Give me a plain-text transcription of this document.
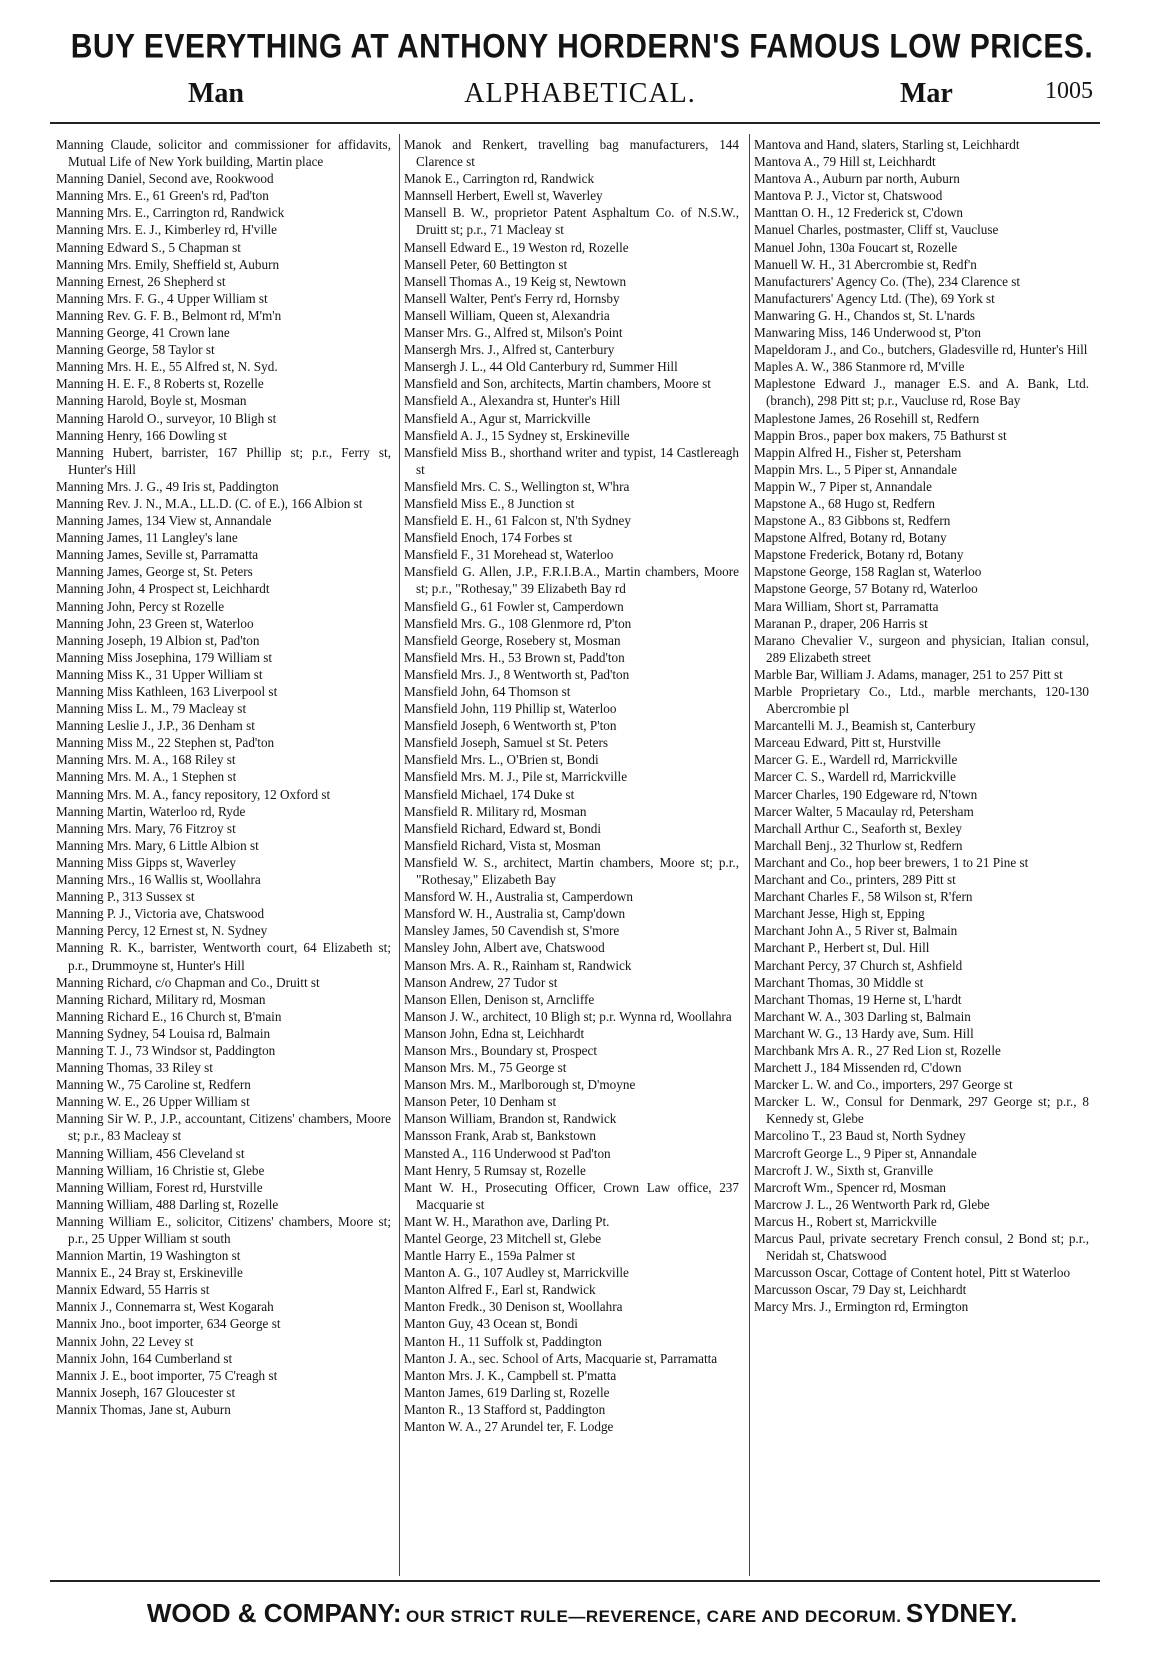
BUY EVERYTHING AT ANTHONY HORDERN'S FAMOUS LOW PRICES.
Man	ALPHABETICAL.	Mar	1005

Manning Claude, solicitor and commissioner for affidavits, Mutual Life of New York building, Martin place

Manning Daniel, Second ave, Rookwood

Manning Mrs. E., 61 Green's rd, Pad'ton

Manning Mrs. E., Carrington rd, Randwick

Manning Mrs. E. J., Kimberley rd, H'ville

Manning Edward S., 5 Chapman st

Manning Mrs. Emily, Sheffield st, Auburn

Manning Ernest, 26 Shepherd st

Manning Mrs. F. G., 4 Upper William st

Manning Rev. G. F. B., Belmont rd, M'm'n

Manning George, 41 Crown lane

Manning George, 58 Taylor st

Manning Mrs. H. E., 55 Alfred st, N. Syd.

Manning H. E. F., 8 Roberts st, Rozelle

Manning Harold, Boyle st, Mosman

Manning Harold O., surveyor, 10 Bligh st

Manning Henry, 166 Dowling st

Manning Hubert, barrister, 167 Phillip st; p.r., Ferry st, Hunter's Hill

Manning Mrs. J. G., 49 Iris st, Paddington

Manning Rev. J. N., M.A., LL.D. (C. of E.), 166 Albion st

Manning James, 134 View st, Annandale

Manning James, 11 Langley's lane

Manning James, Seville st, Parramatta

Manning James, George st, St. Peters

Manning John, 4 Prospect st, Leichhardt

Manning John, Percy st Rozelle

Manning John, 23 Green st, Waterloo

Manning Joseph, 19 Albion st, Pad'ton

Manning Miss Josephina, 179 William st

Manning Miss K., 31 Upper William st

Manning Miss Kathleen, 163 Liverpool st

Manning Miss L. M., 79 Macleay st

Manning Leslie J., J.P., 36 Denham st

Manning Miss M., 22 Stephen st, Pad'ton

Manning Mrs. M. A., 168 Riley st

Manning Mrs. M. A., 1 Stephen st

Manning Mrs. M. A., fancy repository, 12 Oxford st

Manning Martin, Waterloo rd, Ryde

Manning Mrs. Mary, 76 Fitzroy st

Manning Mrs. Mary, 6 Little Albion st

Manning Miss Gipps st, Waverley

Manning Mrs., 16 Wallis st, Woollahra

Manning P., 313 Sussex st

Manning P. J., Victoria ave, Chatswood

Manning Percy, 12 Ernest st, N. Sydney

Manning R. K., barrister, Wentworth court, 64 Elizabeth st; p.r., Drummoyne st, Hunter's Hill

Manning Richard, c/o Chapman and Co., Druitt st

Manning Richard, Military rd, Mosman

Manning Richard E., 16 Church st, B'main

Manning Sydney, 54 Louisa rd, Balmain

Manning T. J., 73 Windsor st, Paddington

Manning Thomas, 33 Riley st

Manning W., 75 Caroline st, Redfern

Manning W. E., 26 Upper William st

Manning Sir W. P., J.P., accountant, Citizens' chambers, Moore st; p.r., 83 Macleay st

Manning William, 456 Cleveland st

Manning William, 16 Christie st, Glebe

Manning William, Forest rd, Hurstville

Manning William, 488 Darling st, Rozelle

Manning William E., solicitor, Citizens' chambers, Moore st; p.r., 25 Upper William st south

Mannion Martin, 19 Washington st

Mannix E., 24 Bray st, Erskineville

Mannix Edward, 55 Harris st

Mannix J., Connemarra st, West Kogarah

Mannix Jno., boot importer, 634 George st

Mannix John, 22 Levey st

Mannix John, 164 Cumberland st

Mannix J. E., boot importer, 75 C'reagh st

Mannix Joseph, 167 Gloucester st

Mannix Thomas, Jane st, Auburn

Manok and Renkert, travelling bag manufacturers, 144 Clarence st

Manok E., Carrington rd, Randwick

Mannsell Herbert, Ewell st, Waverley

Mansell B. W., proprietor Patent Asphaltum Co. of N.S.W., Druitt st; p.r., 71 Macleay st

Mansell Edward E., 19 Weston rd, Rozelle

Mansell Peter, 60 Bettington st

Mansell Thomas A., 19 Keig st, Newtown

Mansell Walter, Pent's Ferry rd, Hornsby

Mansell William, Queen st, Alexandria

Manser Mrs. G., Alfred st, Milson's Point

Mansergh Mrs. J., Alfred st, Canterbury

Mansergh J. L., 44 Old Canterbury rd, Summer Hill

Mansfield and Son, architects, Martin chambers, Moore st

Mansfield A., Alexandra st, Hunter's Hill

Mansfield A., Agur st, Marrickville

Mansfield A. J., 15 Sydney st, Erskineville

Mansfield Miss B., shorthand writer and typist, 14 Castlereagh st

Mansfield Mrs. C. S., Wellington st, W'hra

Mansfield Miss E., 8 Junction st

Mansfield E. H., 61 Falcon st, N'th Sydney

Mansfield Enoch, 174 Forbes st

Mansfield F., 31 Morehead st, Waterloo

Mansfield G. Allen, J.P., F.R.I.B.A., Martin chambers, Moore st; p.r., "Rothesay," 39 Elizabeth Bay rd

Mansfield G., 61 Fowler st, Camperdown

Mansfield Mrs. G., 108 Glenmore rd, P'ton

Mansfield George, Rosebery st, Mosman

Mansfield Mrs. H., 53 Brown st, Padd'ton

Mansfield Mrs. J., 8 Wentworth st, Pad'ton

Mansfield John, 64 Thomson st

Mansfield John, 119 Phillip st, Waterloo

Mansfield Joseph, 6 Wentworth st, P'ton

Mansfield Joseph, Samuel st St. Peters

Mansfield Mrs. L., O'Brien st, Bondi

Mansfield Mrs. M. J., Pile st, Marrickville

Mansfield Michael, 174 Duke st

Mansfield R. Military rd, Mosman

Mansfield Richard, Edward st, Bondi

Mansfield Richard, Vista st, Mosman

Mansfield W. S., architect, Martin chambers, Moore st; p.r., "Rothesay," Elizabeth Bay

Mansford W. H., Australia st, Camperdown

Mansford W. H., Australia st, Camp'down

Mansley James, 50 Cavendish st, S'more

Mansley John, Albert ave, Chatswood

Manson Mrs. A. R., Rainham st, Randwick

Manson Andrew, 27 Tudor st

Manson Ellen, Denison st, Arncliffe

Manson J. W., architect, 10 Bligh st; p.r. Wynna rd, Woollahra

Manson John, Edna st, Leichhardt

Manson Mrs., Boundary st, Prospect

Manson Mrs. M., 75 George st

Manson Mrs. M., Marlborough st, D'moyne

Manson Peter, 10 Denham st

Manson William, Brandon st, Randwick

Mansson Frank, Arab st, Bankstown

Mansted A., 116 Underwood st Pad'ton

Mant Henry, 5 Rumsay st, Rozelle

Mant W. H., Prosecuting Officer, Crown Law office, 237 Macquarie st

Mant W. H., Marathon ave, Darling Pt.

Mantel George, 23 Mitchell st, Glebe

Mantle Harry E., 159a Palmer st

Manton A. G., 107 Audley st, Marrickville

Manton Alfred F., Earl st, Randwick

Manton Fredk., 30 Denison st, Woollahra

Manton Guy, 43 Ocean st, Bondi

Manton H., 11 Suffolk st, Paddington

Manton J. A., sec. School of Arts, Macquarie st, Parramatta

Manton Mrs. J. K., Campbell st. P'matta

Manton James, 619 Darling st, Rozelle

Manton R., 13 Stafford st, Paddington

Manton W. A., 27 Arundel ter, F. Lodge

Mantova and Hand, slaters, Starling st, Leichhardt

Mantova A., 79 Hill st, Leichhardt

Mantova A., Auburn par north, Auburn

Mantova P. J., Victor st, Chatswood

Manttan O. H., 12 Frederick st, C'down

Manuel Charles, postmaster, Cliff st, Vaucluse

Manuel John, 130a Foucart st, Rozelle

Manuell W. H., 31 Abercrombie st, Redf'n

Manufacturers' Agency Co. (The), 234 Clarence st

Manufacturers' Agency Ltd. (The), 69 York st

Manwaring G. H., Chandos st, St. L'nards

Manwaring Miss, 146 Underwood st, P'ton

Mapeldoram J., and Co., butchers, Gladesville rd, Hunter's Hill

Maples A. W., 386 Stanmore rd, M'ville

Maplestone Edward J., manager E.S. and A. Bank, Ltd. (branch), 298 Pitt st; p.r., Vaucluse rd, Rose Bay

Maplestone James, 26 Rosehill st, Redfern

Mappin Bros., paper box makers, 75 Bathurst st

Mappin Alfred H., Fisher st, Petersham

Mappin Mrs. L., 5 Piper st, Annandale

Mappin W., 7 Piper st, Annandale

Mapstone A., 68 Hugo st, Redfern

Mapstone A., 83 Gibbons st, Redfern

Mapstone Alfred, Botany rd, Botany

Mapstone Frederick, Botany rd, Botany

Mapstone George, 158 Raglan st, Waterloo

Mapstone George, 57 Botany rd, Waterloo

Mara William, Short st, Parramatta

Maranan P., draper, 206 Harris st

Marano Chevalier V., surgeon and physician, Italian consul, 289 Elizabeth street

Marble Bar, William J. Adams, manager, 251 to 257 Pitt st

Marble Proprietary Co., Ltd., marble merchants, 120-130 Abercrombie pl

Marcantelli M. J., Beamish st, Canterbury

Marceau Edward, Pitt st, Hurstville

Marcer G. E., Wardell rd, Marrickville

Marcer C. S., Wardell rd, Marrickville

Marcer Charles, 190 Edgeware rd, N'town

Marcer Walter, 5 Macaulay rd, Petersham

Marchall Arthur C., Seaforth st, Bexley

Marchall Benj., 32 Thurlow st, Redfern

Marchant and Co., hop beer brewers, 1 to 21 Pine st

Marchant and Co., printers, 289 Pitt st

Marchant Charles F., 58 Wilson st, R'fern

Marchant Jesse, High st, Epping

Marchant John A., 5 River st, Balmain

Marchant P., Herbert st, Dul. Hill

Marchant Percy, 37 Church st, Ashfield

Marchant Thomas, 30 Middle st

Marchant Thomas, 19 Herne st, L'hardt

Marchant W. A., 303 Darling st, Balmain

Marchant W. G., 13 Hardy ave, Sum. Hill

Marchbank Mrs A. R., 27 Red Lion st, Rozelle

Marchett J., 184 Missenden rd, C'down

Marcker L. W. and Co., importers, 297 George st

Marcker L. W., Consul for Denmark, 297 George st; p.r., 8 Kennedy st, Glebe

Marcolino T., 23 Baud st, North Sydney

Marcroft George L., 9 Piper st, Annandale

Marcroft J. W., Sixth st, Granville

Marcroft Wm., Spencer rd, Mosman

Marcrow J. L., 26 Wentworth Park rd, Glebe

Marcus H., Robert st, Marrickville

Marcus Paul, private secretary French consul, 2 Bond st; p.r., Neridah st, Chatswood

Marcusson Oscar, Cottage of Content hotel, Pitt st Waterloo

Marcusson Oscar, 79 Day st, Leichhardt

Marcy Mrs. J., Ermington rd, Ermington

WOOD & COMPANY: OUR STRICT RULE—REVERENCE, CARE AND DECORUM. SYDNEY.
